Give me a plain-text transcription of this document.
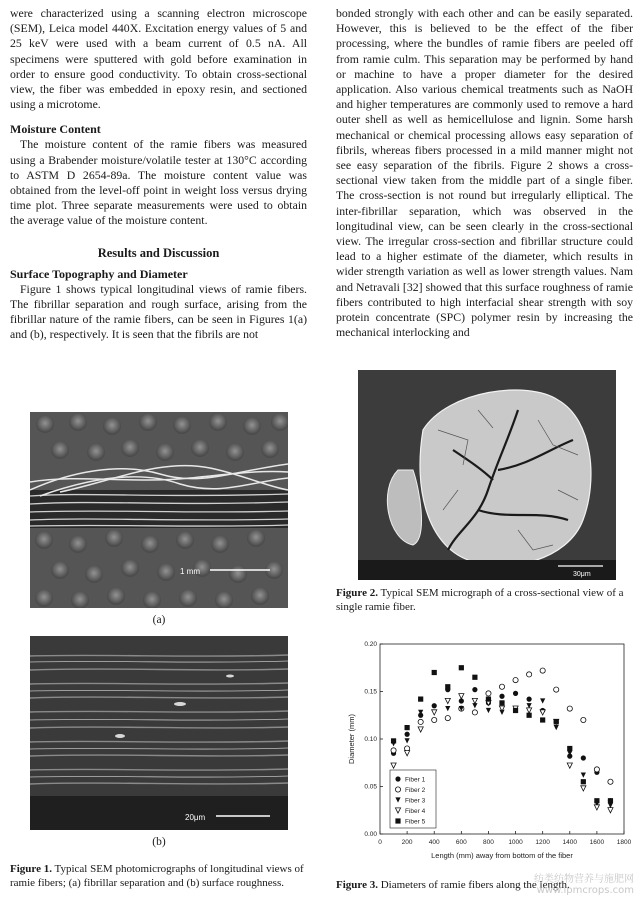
were characterized using a scanning electron microscope (SEM), Leica model 440X. Excitation energy values of 5 and 25 keV were used with a beam current of 0.5 nA. All specimens were sputtered with gold before examination in order to ensure good conductivity. To obtain cross-sectional view, the fiber was embedded in epoxy resin, and sectioned using a microtome.

Moisture Content

The moisture content of the ramie fibers was measured using a Brabender moisture/volatile tester at 130°C according to ASTM D 2654-89a. The moisture content value was obtained from the level-off point in weight loss versus drying time plot. Three separate measurements were used to obtain the average value of the moisture content.

Results and Discussion
Surface Topography and Diameter

Figure 1 shows typical longitudinal views of ramie fibers. The fibrillar separation and rough surface, arising from the fibrillar nature of the ramie fibers, can be seen in Figures 1(a) and (b), respectively. It is seen that the fibrils are not

1 mm
(a)
20μm
(b)

Figure 1. Typical SEM photomicrographs of longitudinal views of ramie fibers; (a) fibrillar separation and (b) surface roughness.

bonded strongly with each other and can be easily separated. However, this is believed to be the effect of the fiber processing, where the bundles of ramie fibers are peeled off from ramie culm. This separation may be performed by hand or machine to have a proper diameter for the desired application. Also various chemical treatments such as NaOH and higher temperatures are commonly used to remove a hard outer shell as well as hemicellulose and lignin. Some harsh mechanical or chemical processing allows easy separation of fibrils, whereas fibers processed in a mild manner might not see easy separation of the fibrils. Figure 2 shows a cross-sectional view taken from the middle part of a single fiber. The cross-section is not round but irregularly elliptical. The inter-fibrillar separation, which was observed in the longitudinal view, can be seen clearly in the cross-sectional view. The irregular cross-section and fibrillar structure could lead to a higher estimate of the diameter, which results in wider strength variation as well as lower strength values. Nam and Netravali [32] showed that this surface roughness of ramie fibers contributed to high interfacial shear strength with soy protein concentrate (SPC) polymer resin by increasing the mechanical interlocking and

30μm

Figure 2. Typical SEM micrograph of a cross-sectional view of a single ramie fiber.

0	200	400	600	800 1000 1200 1400 1600 1800
0.00
0.05
0.10
0.15
0.20
Length (mm) away from bottom of the fiber
Diameter (mm)
Fiber 1
Fiber 2
Fiber 3
Fiber 4
Fiber 5

Figure 3. Diameters of ramie fibers along the length.

纺类纺物营养与施肥网
www.ipmcrops.com
